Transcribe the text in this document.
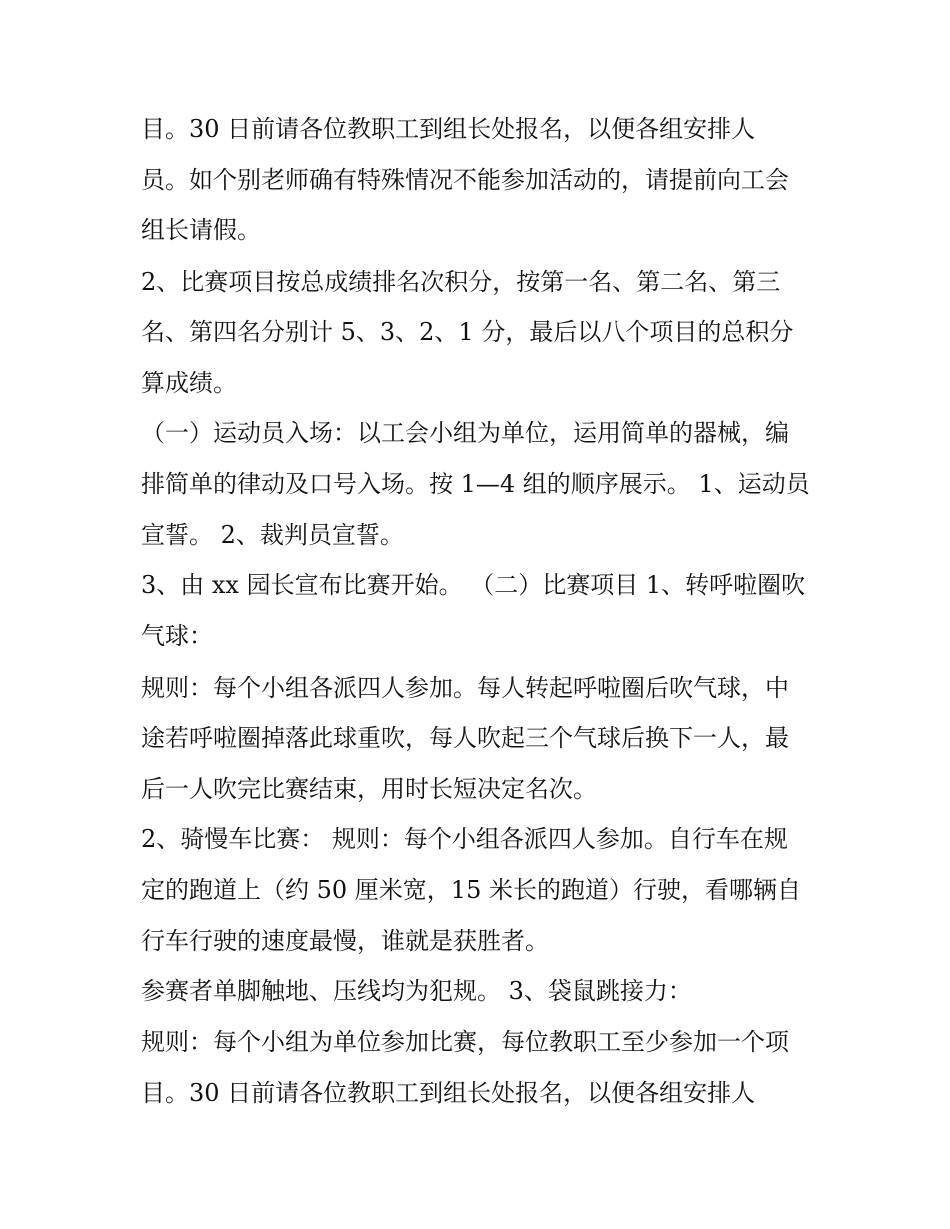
目。30 日前请各位教职工到组长处报名，以便各组安排人
员。如个别老师确有特殊情况不能参加活动的，请提前向工会
组长请假。
2、比赛项目按总成绩排名次积分，按第一名、第二名、第三
名、第四名分别计 5、3、2、1 分，最后以八个项目的总积分
算成绩。
（一）运动员入场：以工会小组为单位，运用简单的器械，编
排简单的律动及口号入场。按 1—4 组的顺序展示。 1、运动员
宣誓。 2、裁判员宣誓。
3、由 xx 园长宣布比赛开始。 （二）比赛项目 1、转呼啦圈吹
气球：
规则：每个小组各派四人参加。每人转起呼啦圈后吹气球，中
途若呼啦圈掉落此球重吹，每人吹起三个气球后换下一人，最
后一人吹完比赛结束，用时长短决定名次。
2、骑慢车比赛： 规则：每个小组各派四人参加。自行车在规
定的跑道上（约 50 厘米宽，15 米长的跑道）行驶，看哪辆自
行车行驶的速度最慢，谁就是获胜者。
参赛者单脚触地、压线均为犯规。 3、袋鼠跳接力：
规则：每个小组为单位参加比赛，每位教职工至少参加一个项
目。30 日前请各位教职工到组长处报名，以便各组安排人
